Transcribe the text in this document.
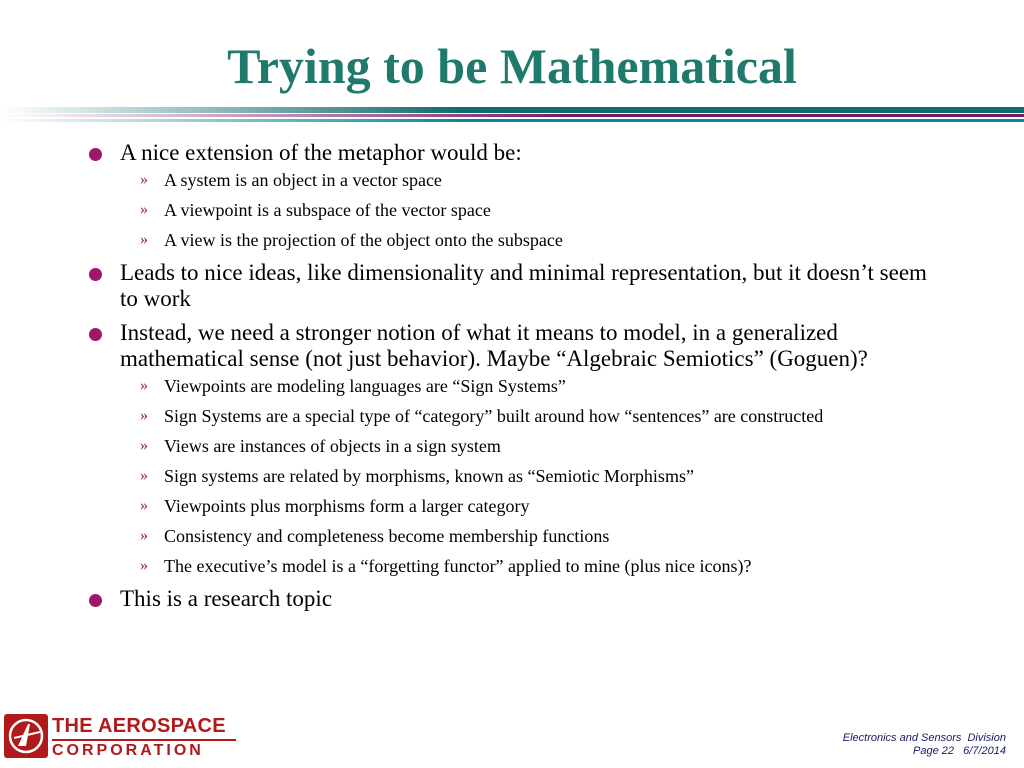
Trying to be Mathematical
A nice extension of the metaphor would be:
» A system is an object in a vector space
» A viewpoint is a subspace of the vector space
» A view is the projection of the object onto the subspace
Leads to nice ideas, like dimensionality and minimal representation, but it doesn’t seem to work
Instead, we need a stronger notion of what it means to model, in a generalized mathematical sense (not just behavior). Maybe “Algebraic Semiotics” (Goguen)?
» Viewpoints are modeling languages are “Sign Systems”
» Sign Systems are a special type of “category” built around how “sentences” are constructed
» Views are instances of objects in a sign system
» Sign systems are related by morphisms, known as “Semiotic Morphisms”
» Viewpoints plus morphisms form a larger category
» Consistency and completeness become membership functions
» The executive’s model is a “forgetting functor” applied to mine (plus nice icons)?
This is a research topic
THE AEROSPACE
CORPORATION
Electronics and Sensors  Division
Page 22   6/7/2014
